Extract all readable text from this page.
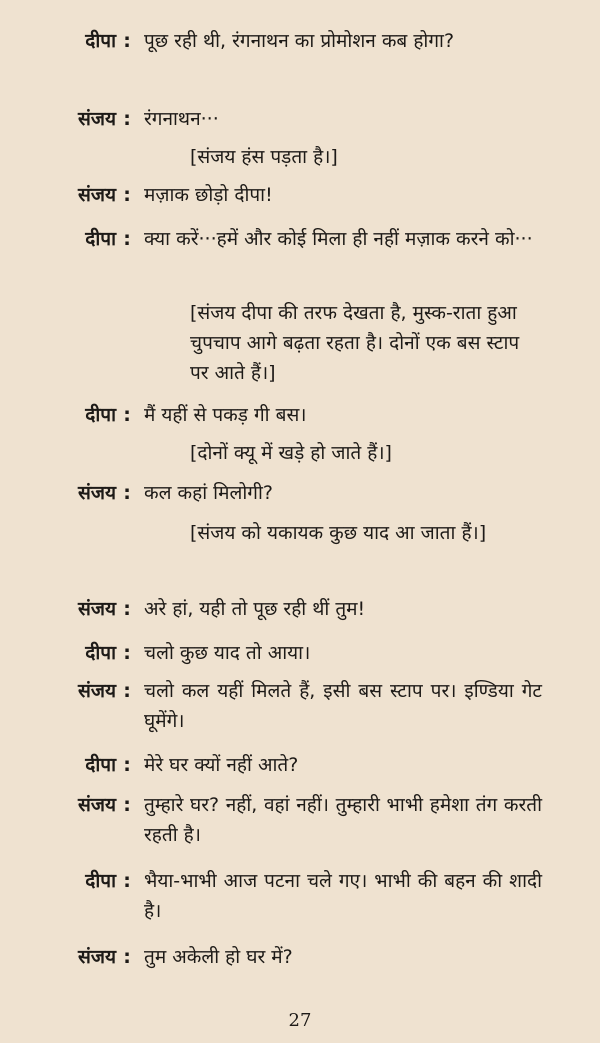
दीपा : पूछ रही थी, रंगनाथन का प्रोमोशन कब होगा?
संजय : रंगनाथन···
[संजय हंस पड़ता है।]
संजय : मज़ाक छोड़ो दीपा!
दीपा : क्या करें···हमें और कोई मिला ही नहीं मज़ाक करने को···
[संजय दीपा की तरफ देखता है, मुस्क-राता हुआ चुपचाप आगे बढ़ता रहता है। दोनों एक बस स्टाप पर आते हैं।]
दीपा : मैं यहीं से पकड़ गी बस।
[दोनों क्यू में खड़े हो जाते हैं।]
संजय : कल कहां मिलोगी?
[संजय को यकायक कुछ याद आ जाता हैं।]
संजय : अरे हां, यही तो पूछ रही थीं तुम!
दीपा : चलो कुछ याद तो आया।
संजय : चलो कल यहीं मिलते हैं, इसी बस स्टाप पर। इण्डिया गेट घूमेंगे।
दीपा : मेरे घर क्यों नहीं आते?
संजय : तुम्हारे घर? नहीं, वहां नहीं। तुम्हारी भाभी हमेशा तंग करती रहती है।
दीपा : भैया-भाभी आज पटना चले गए। भाभी की बहन की शादी है।
संजय : तुम अकेली हो घर में?
27
